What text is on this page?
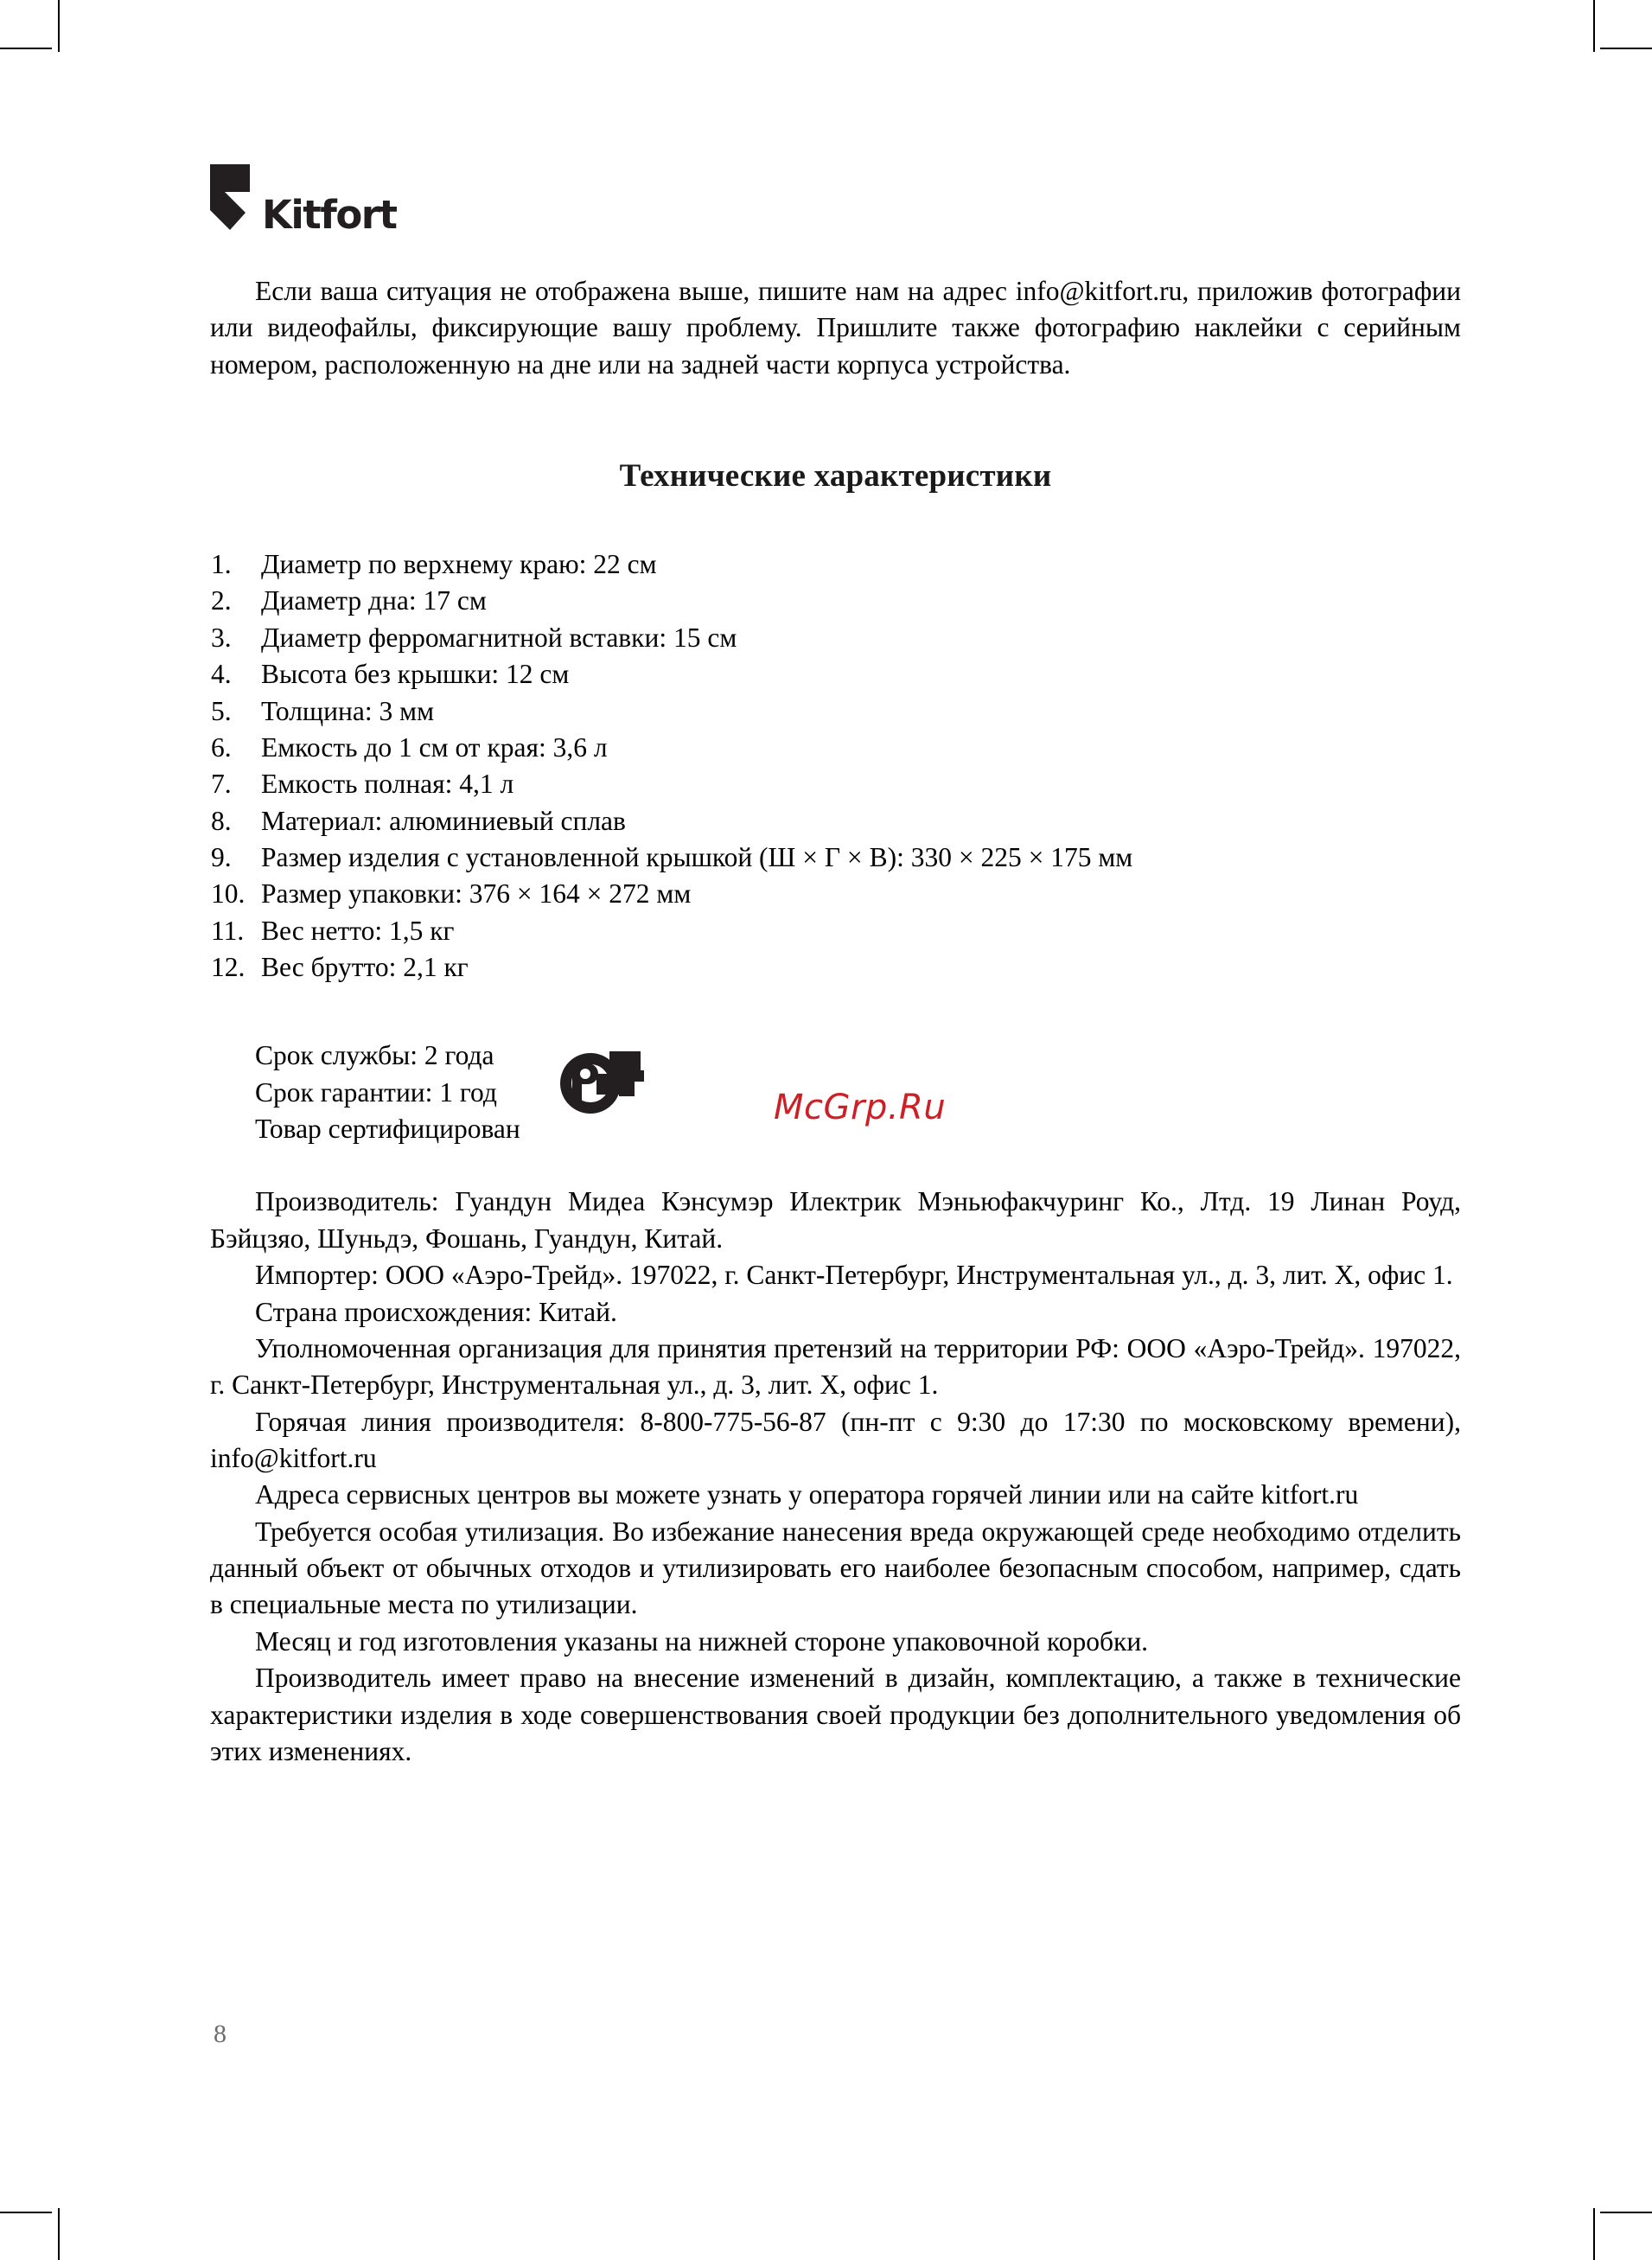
Kitfort

Если ваша ситуация не отображена выше, пишите нам на адрес info@kitfort.ru, приложив фотографии или видеофайлы, фиксирующие вашу проблему. Пришлите также фотографию наклейки с серийным номером, расположенную на дне или на задней части корпуса устройства.

Технические характеристики
1.	Диаметр по верхнему краю: 22 см
2.	Диаметр дна: 17 см
3.	Диаметр ферромагнитной вставки: 15 см
4.	Высота без крышки: 12 см
5.	Толщина: 3 мм
6.	Емкость до 1 см от края: 3,6 л
7.	Емкость полная: 4,1 л
8.	Материал: алюминиевый сплав
9.	Размер изделия с установленной крышкой (Ш × Г × В): 330 × 225 × 175 мм
10. Размер упаковки: 376 × 164 × 272 мм
11. Вес нетто: 1,5 кг
12. Вес брутто: 2,1 кг
Срок службы: 2 года
Срок гарантии: 1 год
Товар сертифицирован

Производитель: Гуандун Мидеа Кэнсумэр Илектрик Мэньюфакчуринг Ко., Лтд. 19 Линан Роуд, Бэйцзяо, Шуньдэ, Фошань, Гуандун, Китай.

Импортер: ООО «Аэро-Трейд». 197022, г. Санкт-Петербург, Инструментальная ул., д. 3, лит. Х, офис 1.

Страна происхождения: Китай.

Уполномоченная организация для принятия претензий на территории РФ: ООО «Аэро-Трейд». 197022, г. Санкт-Петербург, Инструментальная ул., д. 3, лит. Х, офис 1.

Горячая линия производителя: 8-800-775-56-87 (пн-пт с 9:30 до 17:30 по московскому времени), info@kitfort.ru

Адреса сервисных центров вы можете узнать у оператора горячей линии или на сайте kitfort.ru

Требуется особая утилизация. Во избежание нанесения вреда окружающей среде необходимо отделить данный объект от обычных отходов и утилизировать его наиболее безопасным способом, например, сдать в специальные места по утилизации.

Месяц и год изготовления указаны на нижней стороне упаковочной коробки.

Производитель имеет право на внесение изменений в дизайн, комплектацию, а также в технические характеристики изделия в ходе совершенствования своей продукции без дополнительного уведомления об этих изменениях.

McGrp.Ru
8
